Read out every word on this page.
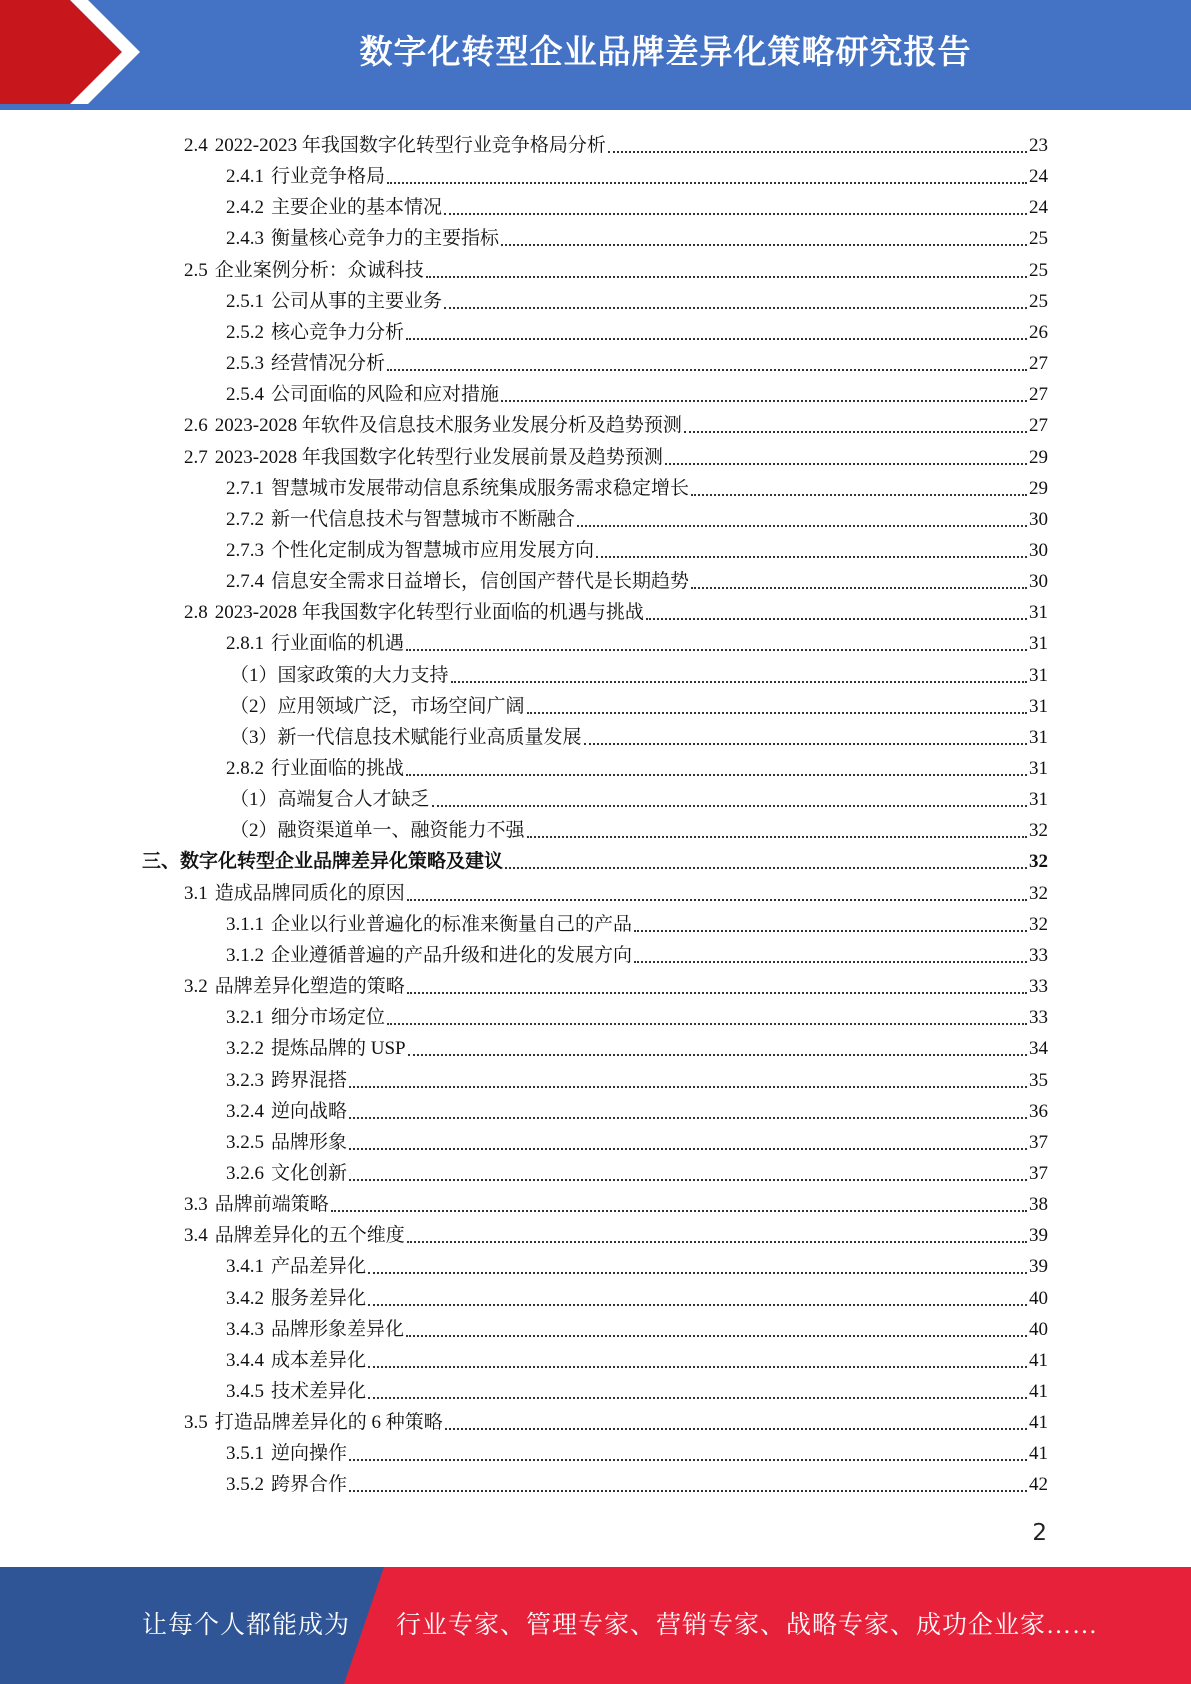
数字化转型企业品牌差异化策略研究报告
2.4 2022-2023 年我国数字化转型行业竞争格局分析	23
2.4.1 行业竞争格局	24
2.4.2 主要企业的基本情况	24
2.4.3 衡量核心竞争力的主要指标	25
2.5 企业案例分析：众诚科技	25
2.5.1 公司从事的主要业务	25
2.5.2 核心竞争力分析	26
2.5.3 经营情况分析	27
2.5.4 公司面临的风险和应对措施	27
2.6 2023-2028 年软件及信息技术服务业发展分析及趋势预测	27
2.7 2023-2028 年我国数字化转型行业发展前景及趋势预测	29
2.7.1 智慧城市发展带动信息系统集成服务需求稳定增长	29
2.7.2 新一代信息技术与智慧城市不断融合	30
2.7.3 个性化定制成为智慧城市应用发展方向	30
2.7.4 信息安全需求日益增长，信创国产替代是长期趋势	30
2.8 2023-2028 年我国数字化转型行业面临的机遇与挑战	31
2.8.1 行业面临的机遇	31
（1）国家政策的大力支持	31
（2）应用领域广泛，市场空间广阔	31
（3）新一代信息技术赋能行业高质量发展	31
2.8.2 行业面临的挑战	31
（1）高端复合人才缺乏	31
（2）融资渠道单一、融资能力不强	32
三、数字化转型企业品牌差异化策略及建议	32
3.1 造成品牌同质化的原因	32
3.1.1 企业以行业普遍化的标准来衡量自己的产品	32
3.1.2 企业遵循普遍的产品升级和进化的发展方向	33
3.2 品牌差异化塑造的策略	33
3.2.1 细分市场定位	33
3.2.2 提炼品牌的 USP	34
3.2.3 跨界混搭	35
3.2.4 逆向战略	36
3.2.5 品牌形象	37
3.2.6 文化创新	37
3.3 品牌前端策略	38
3.4 品牌差异化的五个维度	39
3.4.1 产品差异化	39
3.4.2 服务差异化	40
3.4.3 品牌形象差异化	40
3.4.4 成本差异化	41
3.4.5 技术差异化	41
3.5 打造品牌差异化的 6 种策略	41
3.5.1 逆向操作	41
3.5.2 跨界合作	42
2
让每个人都能成为 行业专家、管理专家、营销专家、战略专家、成功企业家……
